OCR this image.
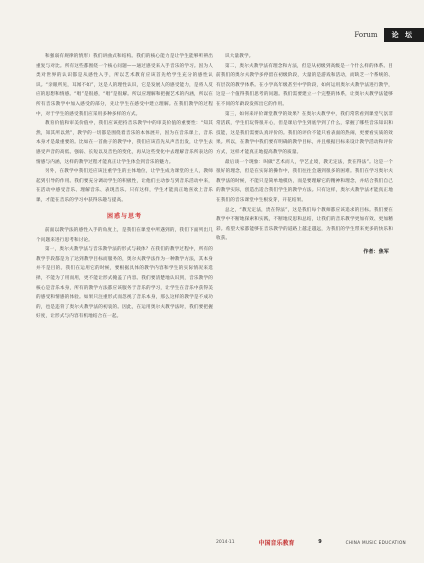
Forum	论 坛

和强弱有规律的情形）我们讲曲式和结构。我们的核心能力是让学生能够听辨出重复与对比。所有这些都围绕一个核心问题——通过感受来入手音乐的学习。因为人类对世界的认识都是从感性入手，所以艺术教育应该首先给学生充分的感性认识。“亲眼所见，耳闻不如”，这是人的理性认识，它是发展人的感受能力，是将人反应的思想和情感。“唱”是很感，“唱”是很解。所以应理解和把握艺术的内涵，所以在所有音乐教学中加入感受的部分，先让学生在感受中建立理解。在我们教学的过程中，对于学生的感受我们应采用多种多样的方式。

教育价值和审美价值中，我们应该把持音乐教学中的审美价值的重要性：“知其然，知其所以然”，教学的一切都是围绕着音乐的本体展开，因为在音乐课上，音乐本身才是最重要的。比如在一首曲子的教学中，我们应该首先从声音出发，让学生去感受声音的高低、强弱、长短以及音色的变化，再从这些变化中去理解音乐所表达的情感与内涵，这样的教学过程才能真正让学生体会到音乐的魅力。

另外，在教学中我们还应该注重学生的主体地位，让学生成为课堂的主人，教师起到引导的作用。我们要充分调动学生的积极性，让他们主动参与到音乐活动中来，在活动中感受音乐、理解音乐、表现音乐。只有这样，学生才能真正地喜欢上音乐课，才能在音乐的学习中获得乐趣与提高。

困惑与思考

前面以教学法的感性入手的角度上，是我们在课堂中所遇到的，我们下面列出几个问题来进行思考和讨论。

第一，奥尔夫教学法与音乐教学法的形式与载体？在我们的教学过程中，所有的教学手段都是为了达到教学目标而服务的，奥尔夫教学法作为一种教学方法，其本身并不是目的。我们在运用它的时候，要根据具体的教学内容和学生的实际情况来选择，不能为了用而用，更不能让形式掩盖了内容。我们要清楚地认识到，音乐教学的核心是音乐本身，所有的教学方法都应该服务于音乐的学习，让学生在音乐中获得美的感受和情感的体验。如果只注重形式而忽视了音乐本身，那么这样的教学是不成功的，也是违背了奥尔夫教学法的初衷的。因此，在运用奥尔夫教学法时，我们要把握好度，让形式与内容有机地结合在一起。

识大量教学。

第二，奥尔夫教学法有理念和方法，但是从初级到高级是一个什么样的体系。目前我们的奥尔夫教学多停留在初级阶段，大量的是游戏和活动，而缺乏一个系统的、有层次的教学体系。在小学高年级甚至中学阶段，如何运用奥尔夫教学法进行教学，这是一个值得我们思考的问题。我们需要建立一个完整的体系，让奥尔夫教学法能够在不同的年龄段发挥出它的作用。

第三，如何来评价课堂教学的效果？在奥尔夫教学中，我们常常看到课堂气氛非常活跃，学生们玩得很开心，但是课后学生到底学到了什么，掌握了哪些音乐知识和技能，这是我们需要认真评价的。我们的评价不能只看表面的热闹，更要看实质的效果。所以，在教学中我们要有明确的教学目标，并且根据目标来设计教学活动和评价方式，这样才能真正地提高教学的质量。

最后谈一个现象：叫做“艺术而人，学艺止境，教无定法，贵在得法”。这是一个很好的理念，但是在实际的操作中，我们往往会遇到很多的困难。我们在学习奥尔夫教学法的时候，不能只是简单地模仿，而是要理解它的精神和理念，并结合我们自己的教学实际，创造出适合我们学生的教学方法。只有这样，奥尔夫教学法才能真正地在我们的音乐课堂中生根发芽，开花结果。

总之，“教无定法，贵在得法”，这是我们每个教师都应该追求的目标。我们要在教学中不断地探索和实践，不断地反思和总结，让我们的音乐教学更加有效、更加精彩。希望大家都能够在音乐教学的道路上越走越远，为我们的学生带来更多的快乐和收获。

作者：焦军
2014·11	中国音乐教育	9	CHINA MUSIC EDUCATION
